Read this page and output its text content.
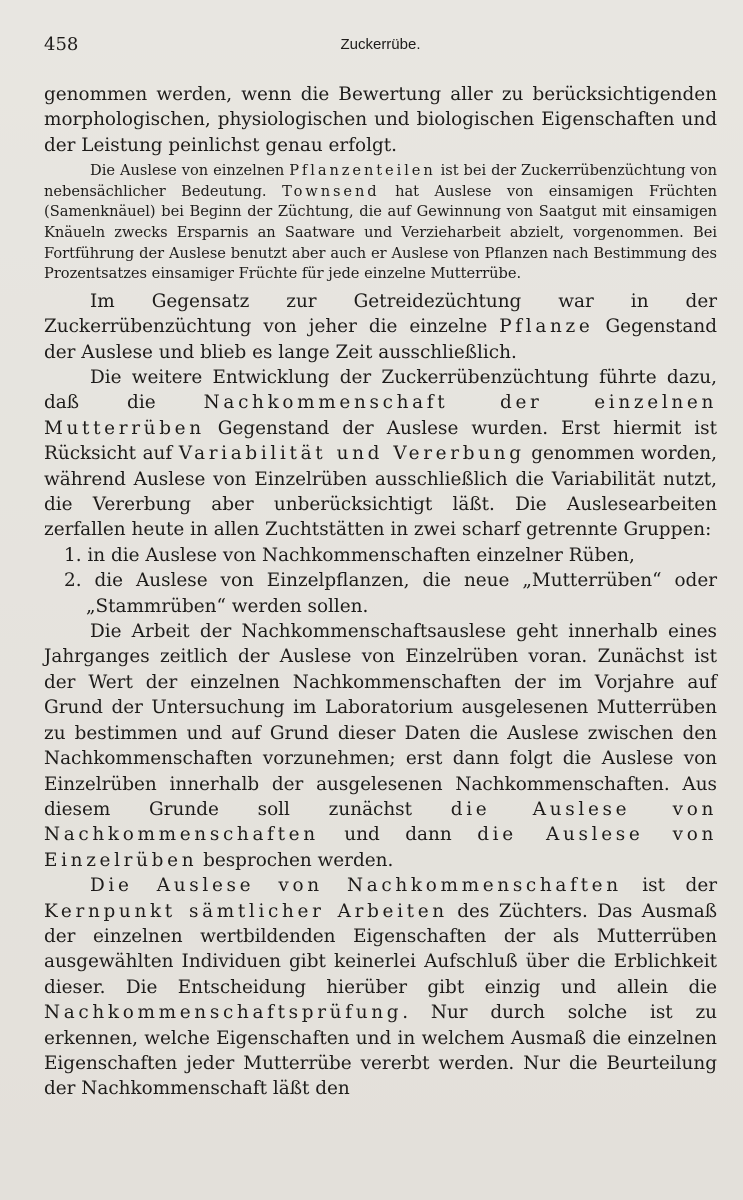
458	Zuckerrübe.

genommen werden, wenn die Bewertung aller zu berücksichtigenden morphologischen, physiologischen und biologischen Eigenschaften und der Leistung peinlichst genau erfolgt.

Die Auslese von einzelnen Pflanzenteilen ist bei der Zuckerrübenzüchtung von nebensächlicher Bedeutung. Townsend hat Auslese von einsamigen Früchten (Samenknäuel) bei Beginn der Züchtung, die auf Gewinnung von Saatgut mit einsamigen Knäueln zwecks Ersparnis an Saatware und Verzieharbeit abzielt, vorgenommen. Bei Fortführung der Auslese benutzt aber auch er Auslese von Pflanzen nach Bestimmung des Prozentsatzes einsamiger Früchte für jede einzelne Mutterrübe.

Im Gegensatz zur Getreidezüchtung war in der Zuckerrübenzüchtung von jeher die einzelne Pflanze Gegenstand der Auslese und blieb es lange Zeit ausschließlich.

Die weitere Entwicklung der Zuckerrübenzüchtung führte dazu, daß die Nachkommenschaft der einzelnen Mutterrüben Gegenstand der Auslese wurden. Erst hiermit ist Rücksicht auf Variabilität und Vererbung genommen worden, während Auslese von Einzelrüben ausschließlich die Variabilität nutzt, die Vererbung aber unberücksichtigt läßt. Die Auslesearbeiten zerfallen heute in allen Zuchtstätten in zwei scharf getrennte Gruppen:

1. in die Auslese von Nachkommenschaften einzelner Rüben,
2. die Auslese von Einzelpflanzen, die neue „Mutterrüben“ oder „Stammrüben“ werden sollen.

Die Arbeit der Nachkommenschaftsauslese geht innerhalb eines Jahrganges zeitlich der Auslese von Einzelrüben voran. Zunächst ist der Wert der einzelnen Nachkommenschaften der im Vorjahre auf Grund der Untersuchung im Laboratorium ausgelesenen Mutterrüben zu bestimmen und auf Grund dieser Daten die Auslese zwischen den Nachkommenschaften vorzunehmen; erst dann folgt die Auslese von Einzelrüben innerhalb der ausgelesenen Nachkommenschaften. Aus diesem Grunde soll zunächst die Auslese von Nachkommenschaften und dann die Auslese von Einzelrüben besprochen werden.

Die Auslese von Nachkommenschaften ist der Kernpunkt sämtlicher Arbeiten des Züchters. Das Ausmaß der einzelnen wertbildenden Eigenschaften der als Mutterrüben ausgewählten Individuen gibt keinerlei Aufschluß über die Erblichkeit dieser. Die Entscheidung hierüber gibt einzig und allein die Nachkommenschaftsprüfung. Nur durch solche ist zu erkennen, welche Eigenschaften und in welchem Ausmaß die einzelnen Eigenschaften jeder Mutterrübe vererbt werden. Nur die Beurteilung der Nachkommenschaft läßt den
